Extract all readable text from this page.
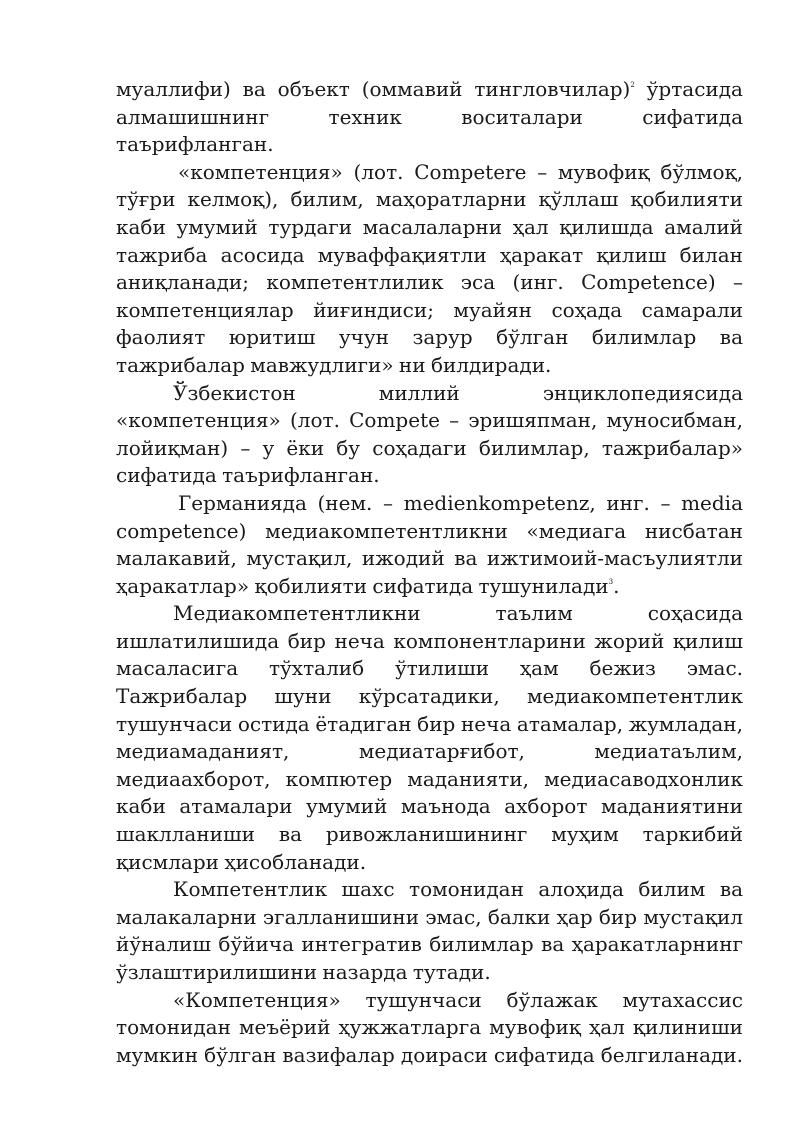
муаллифи) ва объект (оммавий тингловчилар)$^2$ ўртасида алмашишнинг техник воситалари сифатида таърифланган.

«компетенция» (лот. Competere – мувофиқ бўлмоқ, тўғри келмоқ), билим, маҳоратларни қўллаш қобилияти каби умумий турдаги масалаларни ҳал қилишда амалий тажриба асосида муваффақиятли ҳаракат қилиш билан аниқланади; компетентлилик эса (инг. Competence) – компетенциялар йиғиндиси; муайян соҳада самарали фаолият юритиш учун зарур бўлган билимлар ва тажрибалар мавжудлиги» ни билдиради.

Ўзбекистон миллий энциклопедиясида «компетенция» (лот. Compete – эришяпман, муносибман, лойиқман) – у ёки бу соҳадаги билимлар, тажрибалар» сифатида таърифланган.

Германияда (нем. – medienkompetenz, инг. – media competence) медиакомпетентликни «медиага нисбатан малакавий, мустақил, ижодий ва ижтимоий-масъулиятли ҳаракатлар» қобилияти сифатида тушунилади$^3$.

Медиакомпетентликни таълим соҳасида ишлатилишида бир неча компонентларини жорий қилиш масаласига тўхталиб ўтилиши ҳам бежиз эмас. Тажрибалар шуни кўрсатадики, медиакомпетентлик тушунчаси остида ётадиган бир неча атамалар, жумладан, медиамаданият, медиатарғибот, медиатаълим, медиаахборот, компютер маданияти, медиасаводхонлик каби атамалари умумий маънода ахборот маданиятини шаклланиши ва ривожланишининг муҳим таркибий қисмлари ҳисобланади.

Компетентлик шахс томонидан алоҳида билим ва малакаларни эгалланишини эмас, балки ҳар бир мустақил йўналиш бўйича интегратив билимлар ва ҳаракатларнинг ўзлаштирилишини назарда тутади.

«Компетенция» тушунчаси бўлажак мутахассис томонидан меъёрий ҳужжатларга мувофиқ ҳал қилиниши мумкин бўлган вазифалар доираси сифатида белгиланади.
